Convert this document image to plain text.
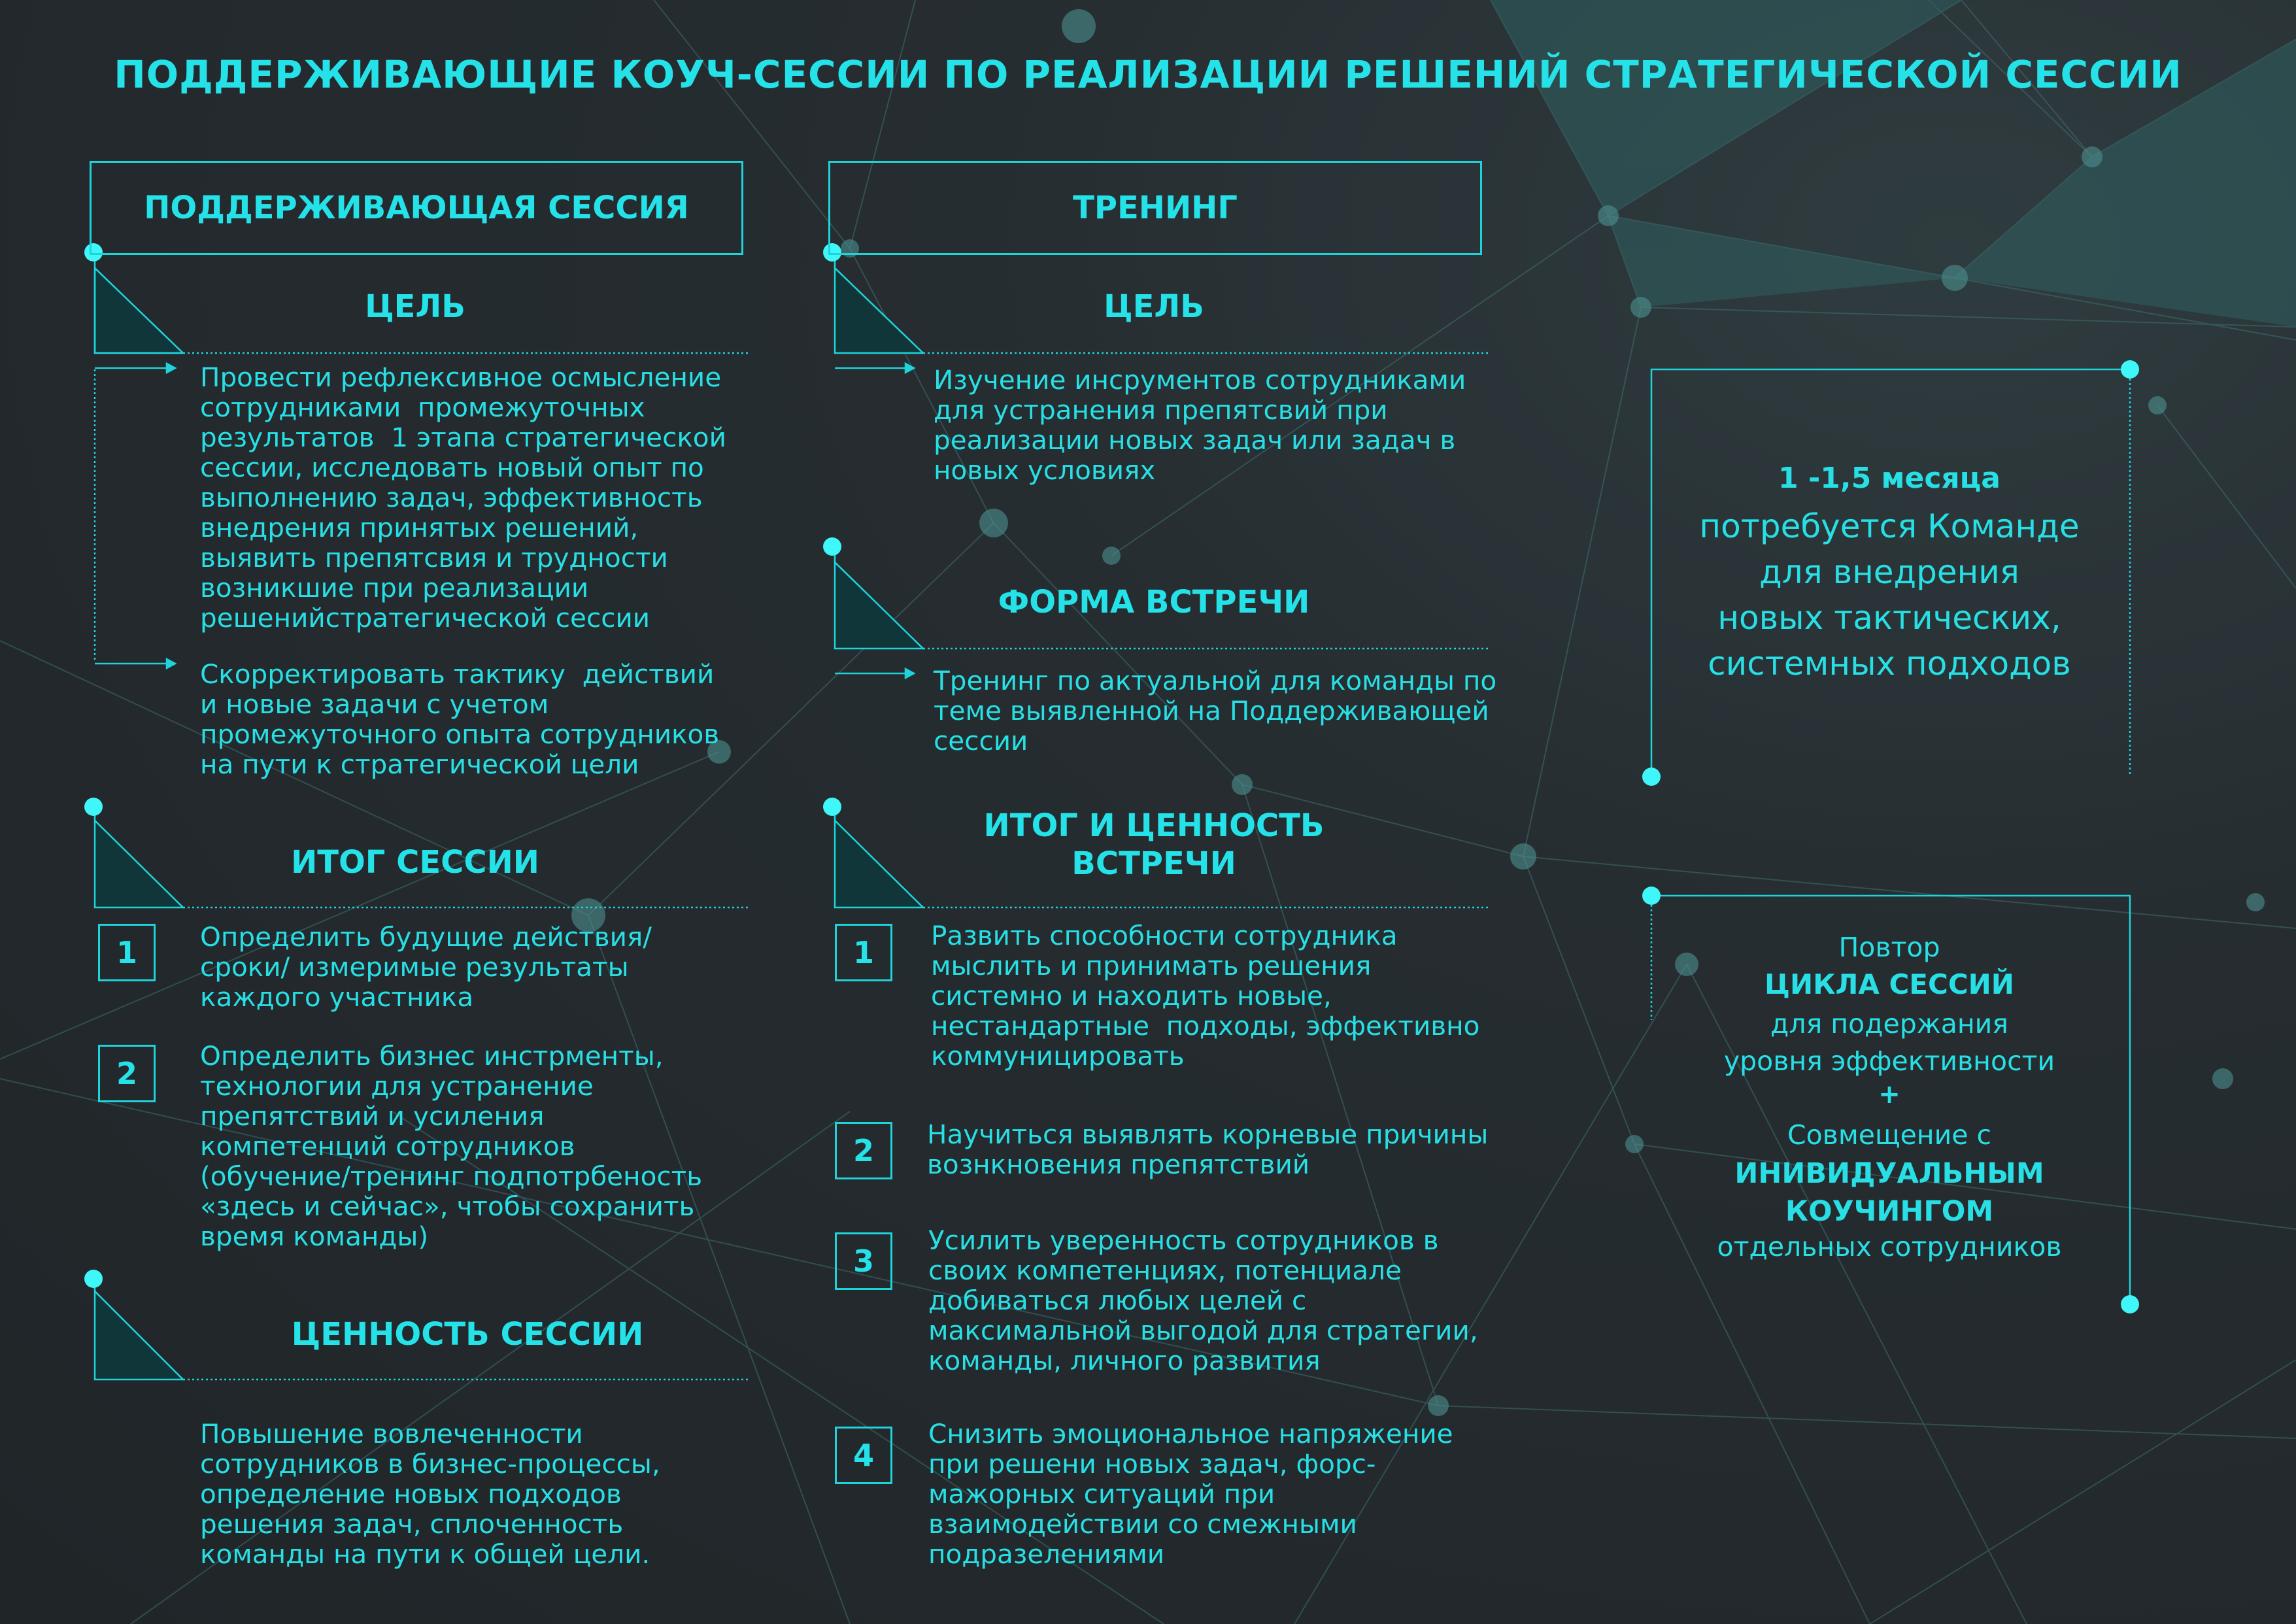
ПОДДЕРЖИВАЮЩИЕ КОУЧ-СЕССИИ ПО РЕАЛИЗАЦИИ РЕШЕНИЙ СТРАТЕГИЧЕСКОЙ СЕССИИ
ПОДДЕРЖИВАЮЩАЯ СЕССИЯ
ЦЕЛЬ
Провести рефлексивное осмысление
сотрудниками  промежуточных
результатов  1 этапа стратегической
сессии, исследовать новый опыт по
выполнению задач, эффективность
внедрения принятых решений,
выявить препятсвия и трудности
возникшие при реализации
решенийстратегической сессии
Скорректировать тактику  действий
и новые задачи с учетом
промежуточного опыта сотрудников
на пути к стратегической цели
ИТОГ СЕССИИ
1	Определить будущие действия/
сроки/ измеримые результаты
каждого участника
2	Определить бизнес инстрменты,
технологии для устранение
препятствий и усиления
компетенций сотрудников
(обучение/тренинг подпотрбеность
«здесь и сейчас», чтобы сохранить
время команды)
ЦЕННОСТЬ СЕССИИ
Повышение вовлеченности
сотрудников в бизнес-процессы,
определение новых подходов
решения задач, сплоченность
команды на пути к общей цели.
ТРЕНИНГ
ЦЕЛЬ
Изучение инсрументов сотрудниками
для устранения препятсвий при
реализации новых задач или задач в
новых условиях
ФОРМА ВСТРЕЧИ
Тренинг по актуальной для команды по
теме выявленной на Поддерживающей
сессии
ИТОГ И ЦЕННОСТЬ
ВСТРЕЧИ
1	Развить способности сотрудника
мыслить и принимать решения
системно и находить новые,
нестандартные  подходы, эффективно
коммуницировать
2	Научиться выявлять корневые причины
вознкновения препятствий
3
Усилить уверенность сотрудников в
своих компетенциях, потенциале
добиваться любых целей с
максимальной выгодой для стратегии,
команды, личного развития
4
Снизить эмоциональное напряжение
при решени новых задач, форс-
мажорных ситуаций при
взаимодействии со смежными
подразелениями
1 -1,5 месяца
потребуется Команде
для внедрения
новых тактических,
системных подходов
Повтор
ЦИКЛА СЕССИЙ
для подержания
уровня эффективности
+
Совмещение с
ИНИВИДУАЛЬНЫМ
КОУЧИНГОМ
отдельных сотрудников
